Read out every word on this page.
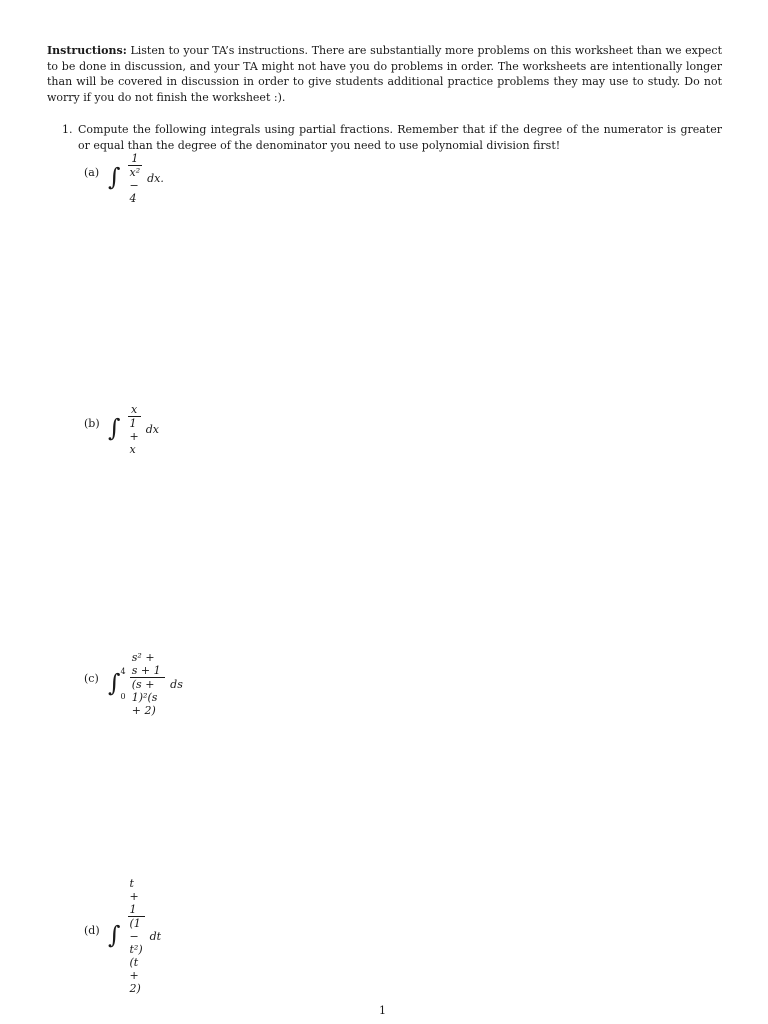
Instructions: Listen to your TA’s instructions. There are substantially more problems on this worksheet than we expect to be done in discussion, and your TA might not have you do problems in order. The worksheets are intentionally longer than will be covered in discussion in order to give students additional practice problems they may use to study. Do not worry if you do not finish the worksheet :).
1. Compute the following integrals using partial fractions. Remember that if the degree of the numerator is greater or equal than the degree of the denominator you need to use polynomial division first!
(a) ∫ $\frac{1}{\text{x² − 4}}$ dx.
(b) ∫ $\frac{x}{1 + x}$ dx
(c) ∫ 4
$0 \frac{\text{s² + s + 1}}{\text{(s + 1)²(s + 2)}}$ ds
(d) ∫ $\frac{t + 1}{\text{(1 − t²)(t + 2)}}$ dt
1
